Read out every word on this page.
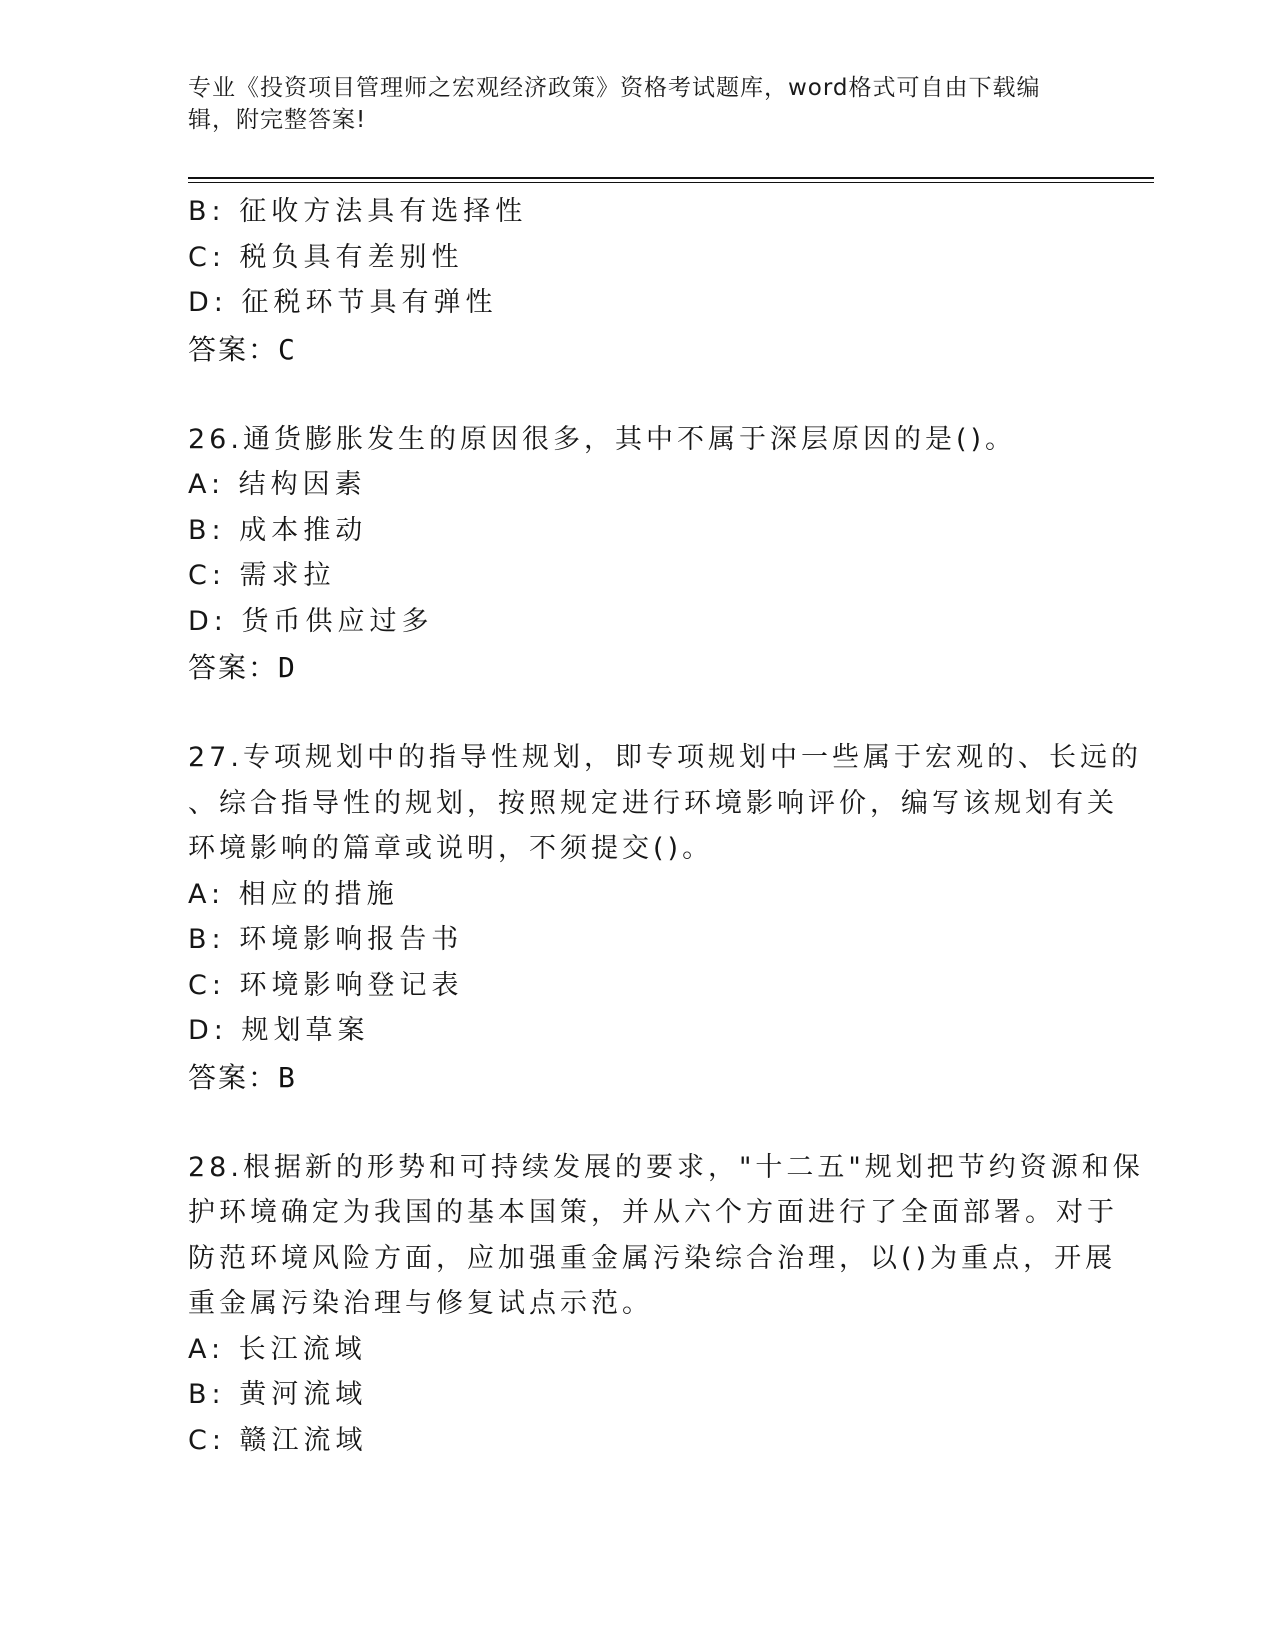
专业《投资项目管理师之宏观经济政策》资格考试题库，word格式可自由下载编
辑，附完整答案!
B: 征收方法具有选择性
C: 税负具有差别性
D: 征税环节具有弹性
答案：C
26.通货膨胀发生的原因很多，其中不属于深层原因的是()。
A: 结构因素
B: 成本推动
C: 需求拉
D: 货币供应过多
答案：D
27.专项规划中的指导性规划，即专项规划中一些属于宏观的、长远的
、综合指导性的规划，按照规定进行环境影响评价，编写该规划有关
环境影响的篇章或说明，不须提交()。
A: 相应的措施
B: 环境影响报告书
C: 环境影响登记表
D: 规划草案
答案：B
28.根据新的形势和可持续发展的要求，"十二五"规划把节约资源和保
护环境确定为我国的基本国策，并从六个方面进行了全面部署。对于
防范环境风险方面，应加强重金属污染综合治理，以()为重点，开展
重金属污染治理与修复试点示范。
A: 长江流域
B: 黄河流域
C: 赣江流域
